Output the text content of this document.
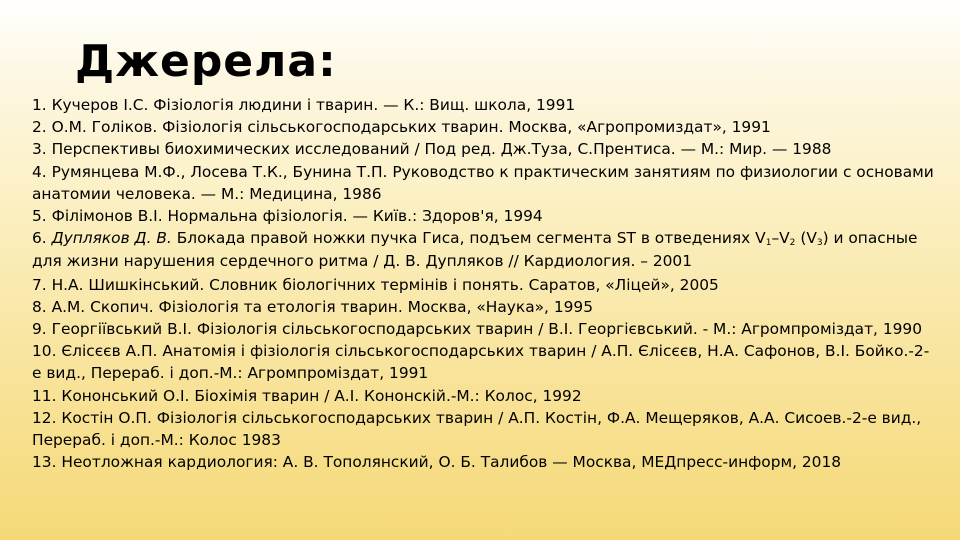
Джерела:
1. Кучеров І.С. Фізіологія людини і тварин. — К.: Вищ. школа, 1991
2. О.М. Голіков. Фізіологія сільськогосподарських тварин. Москва, «Агропромиздат», 1991
3. Перспективы биохимических исследований / Под ред. Дж.Туза, С.Прентиса. — М.: Мир. — 1988
4. Румянцева М.Ф., Лосева Т.К., Бунина Т.П. Руководство к практическим занятиям по физиологии с основами анатомии человека. — М.: Медицина, 1986
5. Філімонов В.І. Нормальна фізіологія. — Київ.: Здоров'я, 1994
6. Дупляков Д. В. Блокада правой ножки пучка Гиса, подъем сегмента ST в отведениях $V_1-V_2$ $(V_3)$ и опасные для жизни нарушения сердечного ритма / Д. В. Дупляков // Кардиология. – 2001
7. Н.А. Шишкінський. Словник біологічних термінів і понять. Саратов, «Ліцей», 2005
8. А.М. Скопич. Фізіологія та етологія тварин. Москва, «Наука», 1995
9. Георгіївський В.І. Фізіологія сільськогосподарських тварин / В.І. Георгієвський. - М.: Агромпроміздат, 1990
10. Єлісєєв А.П. Анатомія і фізіологія сільськогосподарських тварин / А.П. Єлісєєв, Н.А. Сафонов, В.І. Бойко.-2-е вид., Перераб. і доп.-М.: Агромпроміздат, 1991
11. Кононський О.І. Біохімія тварин / А.І. Кононскій.-М.: Колос, 1992
12. Костін О.П. Фізіологія сільськогосподарських тварин / А.П. Костін, Ф.А. Мещеряков, А.А. Сисоев.-2-е вид., Перераб. і доп.-М.: Колос 1983
13. Неотложная кардиология: А. В. Тополянский, О. Б. Талибов — Москва, МЕДпресс-информ, 2018
